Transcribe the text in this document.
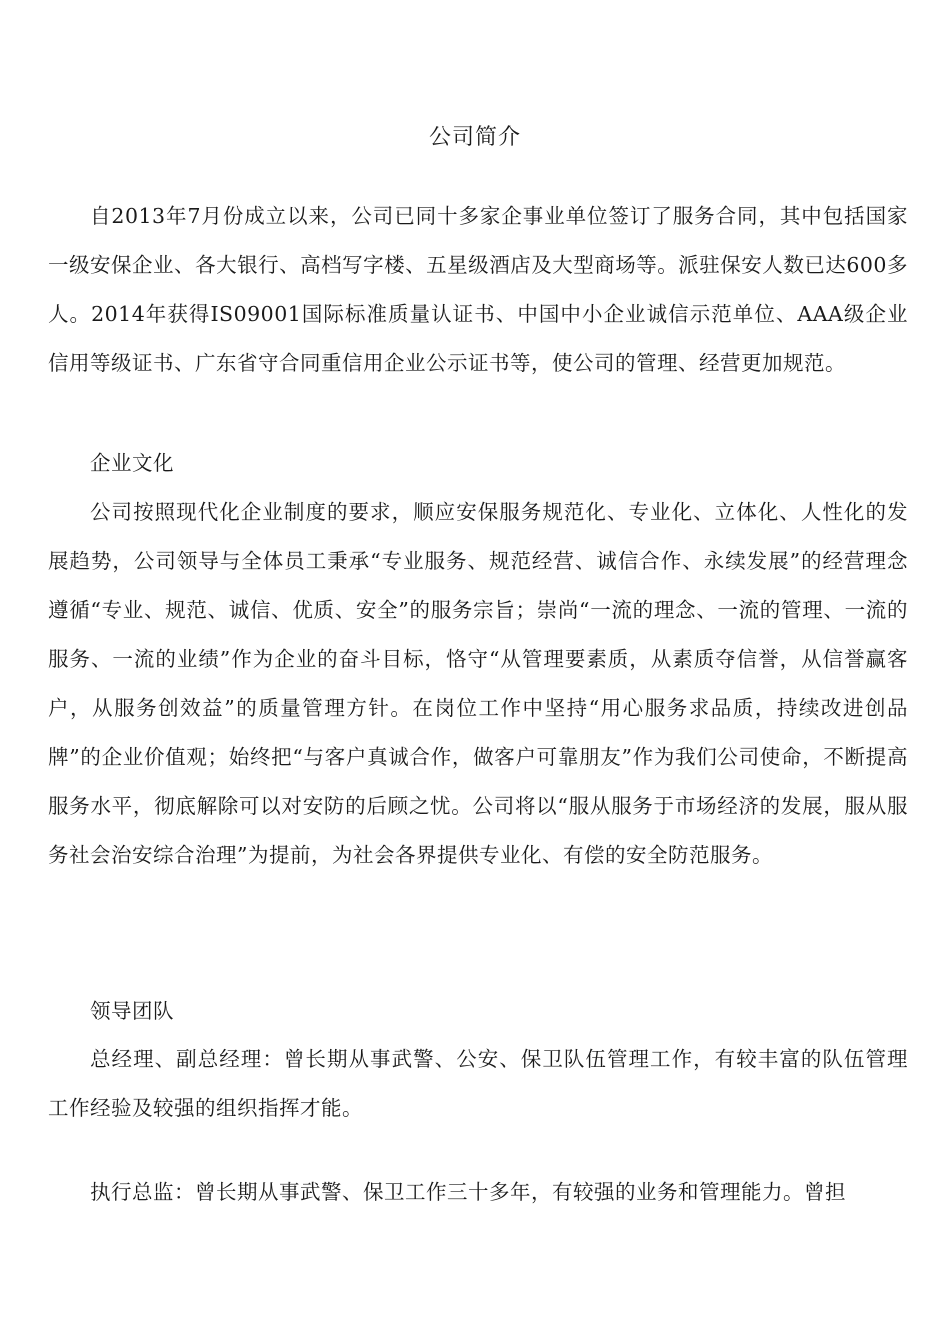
公司简介

自2013年7月份成立以来，公司已同十多家企事业单位签订了服务合同，其中包括国家一级安保企业、各大银行、高档写字楼、五星级酒店及大型商场等。派驻保安人数已达600多人。2014年获得IS09001国际标准质量认证书、中国中小企业诚信示范单位、AAA级企业信用等级证书、广东省守合同重信用企业公示证书等，使公司的管理、经营更加规范。

企业文化

公司按照现代化企业制度的要求，顺应安保服务规范化、专业化、立体化、人性化的发展趋势，公司领导与全体员工秉承“专业服务、规范经营、诚信合作、永续发展”的经营理念遵循“专业、规范、诚信、优质、安全”的服务宗旨；崇尚“一流的理念、一流的管理、一流的服务、一流的业绩”作为企业的奋斗目标，恪守“从管理要素质，从素质夺信誉，从信誉赢客户，从服务创效益”的质量管理方针。在岗位工作中坚持“用心服务求品质，持续改进创品牌”的企业价值观；始终把“与客户真诚合作，做客户可靠朋友”作为我们公司使命，不断提高服务水平，彻底解除可以对安防的后顾之忧。公司将以“服从服务于市场经济的发展，服从服务社会治安综合治理”为提前，为社会各界提供专业化、有偿的安全防范服务。

领导团队

总经理、副总经理：曾长期从事武警、公安、保卫队伍管理工作，有较丰富的队伍管理工作经验及较强的组织指挥才能。

执行总监：曾长期从事武警、保卫工作三十多年，有较强的业务和管理能力。曾担
